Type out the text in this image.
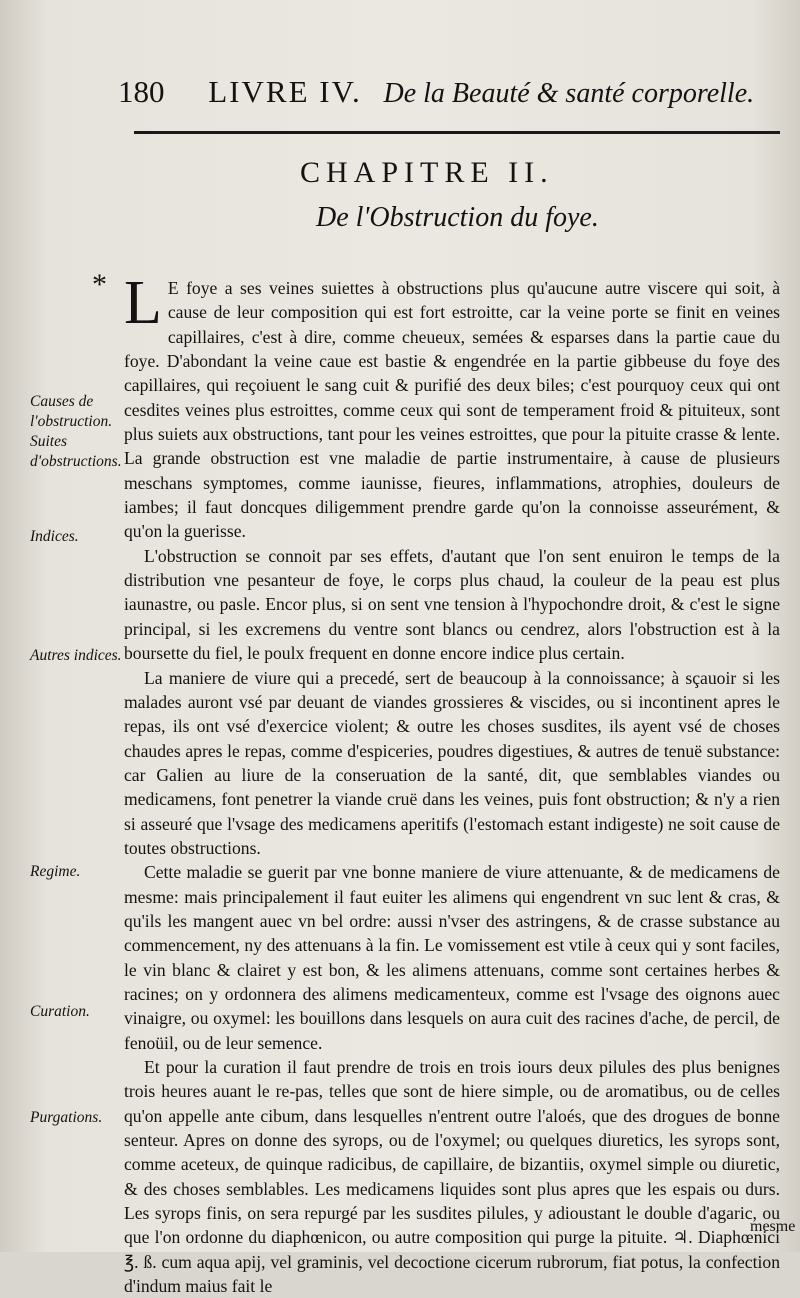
180 LIVRE IV. De la Beauté & santé corporelle.
CHAPITRE II.
De l'Obstruction du foye.
* L E foye a ses veines suiettes à obstructions plus qu'aucune autre viscere qui soit, à cause de leur composition qui est fort estroitte, car la veine porte se finit en veines capillaires, c'est à dire, comme cheueux, semées & esparses dans la partie caue du foye. D'abondant la veine caue est bastie & engendrée en la partie gibbeuse du foye des capillaires, qui reçoiuent le sang cuit & purifié des deux biles; c'est pourquoy ceux qui ont cesdites veines plus estroittes, comme ceux qui sont de temperament froid & pituiteux, sont plus suiets aux obstructions, tant pour les veines estroittes, que pour la pituite crasse & lente. La grande obstruction est vne maladie de partie instrumentaire, à cause de plusieurs meschans symptomes, comme iaunisse, fieures, inflammations, atrophies, douleurs de iambes; il faut doncques diligemment prendre garde qu'on la connoisse asseurément, & qu'on la guerisse.

L'obstruction se connoit par ses effets, d'autant que l'on sent enuiron le temps de la distribution vne pesanteur de foye, le corps plus chaud, la couleur de la peau est plus iaunastre, ou pasle. Encor plus, si on sent vne tension à l'hypochondre droit, & c'est le signe principal, si les excremens du ventre sont blancs ou cendrez, alors l'obstruction est à la boursette du fiel, le poulx frequent en donne encore indice plus certain.

La maniere de viure qui a precedé, sert de beaucoup à la connoissance; à sçauoir si les malades auront vsé par deuant de viandes grossieres & viscides, ou si incontinent apres le repas, ils ont vsé d'exercice violent; & outre les choses susdites, ils ayent vsé de choses chaudes apres le repas, comme d'espiceries, poudres digestiues, & autres de tenuë substance: car Galien au liure de la conseruation de la santé, dit, que semblables viandes ou medicamens, font penetrer la viande cruë dans les veines, puis font obstruction; & n'y a rien si asseuré que l'vsage des medicamens aperitifs (l'estomach estant indigeste) ne soit cause de toutes obstructions.

Cette maladie se guerit par vne bonne maniere de viure attenuante, & de medicamens de mesme: mais principalement il faut euiter les alimens qui engendrent vn suc lent & cras, & qu'ils les mangent auec vn bel ordre: aussi n'vser des astringens, & de crasse substance au commencement, ny des attenuans à la fin. Le vomissement est vtile à ceux qui y sont faciles, le vin blanc & clairet y est bon, & les alimens attenuans, comme sont certaines herbes & racines; on y ordonnera des alimens medicamenteux, comme est l'vsage des oignons auec vinaigre, ou oxymel: les bouillons dans lesquels on aura cuit des racines d'ache, de percil, de fenoüil, ou de leur semence.

Et pour la curation il faut prendre de trois en trois iours deux pilules des plus benignes trois heures auant le re-pas, telles que sont de hiere simple, ou de aromatibus, ou de celles qu'on appelle ante cibum, dans lesquelles n'entrent outre l'aloés, que des drogues de bonne senteur. Apres on donne des syrops, ou de l'oxymel; ou quelques diuretics, les syrops sont, comme aceteux, de quinque radicibus, de capillaire, de bizantiis, oxymel simple ou diuretic, & des choses semblables. Les medicamens liquides sont plus apres que les espais ou durs. Les syrops finis, on sera repurgé par les susdites pilules, y adioustant le double d'agaric, ou que l'on ordonne du diaphœnicon, ou autre composition qui purge la pituite. ♃. Diaphœnici ℥. ß. cum aqua apij, vel graminis, vel decoctione cicerum rubrorum, fiat potus, la confection d'indum maius fait le

Causes de l'obstruction. Suites d'obstructions.
Indices.
Autres indices.
Regime.
Curation.
Purgations.
mesme
